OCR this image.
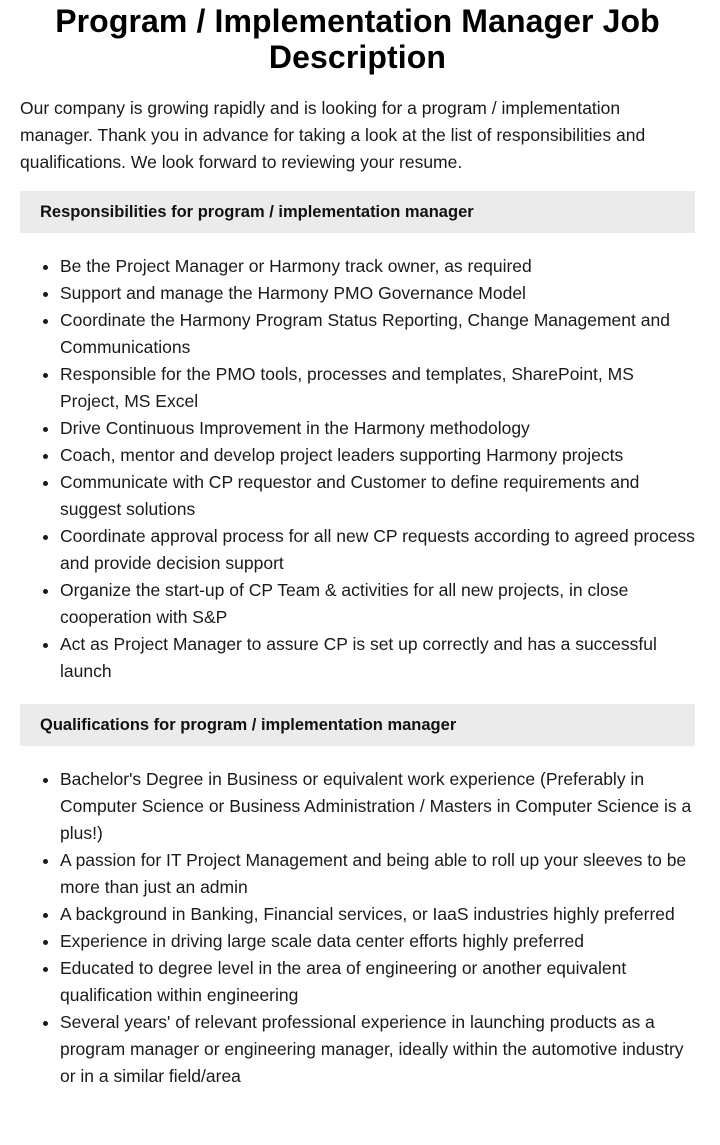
Program / Implementation Manager Job Description

Our company is growing rapidly and is looking for a program / implementation manager. Thank you in advance for taking a look at the list of responsibilities and qualifications. We look forward to reviewing your resume.

Responsibilities for program / implementation manager
Be the Project Manager or Harmony track owner, as required
Support and manage the Harmony PMO Governance Model
Coordinate the Harmony Program Status Reporting, Change Management and Communications
Responsible for the PMO tools, processes and templates, SharePoint, MS Project, MS Excel
Drive Continuous Improvement in the Harmony methodology
Coach, mentor and develop project leaders supporting Harmony projects
Communicate with CP requestor and Customer to define requirements and suggest solutions
Coordinate approval process for all new CP requests according to agreed process and provide decision support
Organize the start-up of CP Team & activities for all new projects, in close cooperation with S&P
Act as Project Manager to assure CP is set up correctly and has a successful launch
Qualifications for program / implementation manager
Bachelor's Degree in Business or equivalent work experience (Preferably in Computer Science or Business Administration / Masters in Computer Science is a plus!)
A passion for IT Project Management and being able to roll up your sleeves to be more than just an admin
A background in Banking, Financial services, or IaaS industries highly preferred
Experience in driving large scale data center efforts highly preferred
Educated to degree level in the area of engineering or another equivalent qualification within engineering
Several years' of relevant professional experience in launching products as a program manager or engineering manager, ideally within the automotive industry or in a similar field/area
